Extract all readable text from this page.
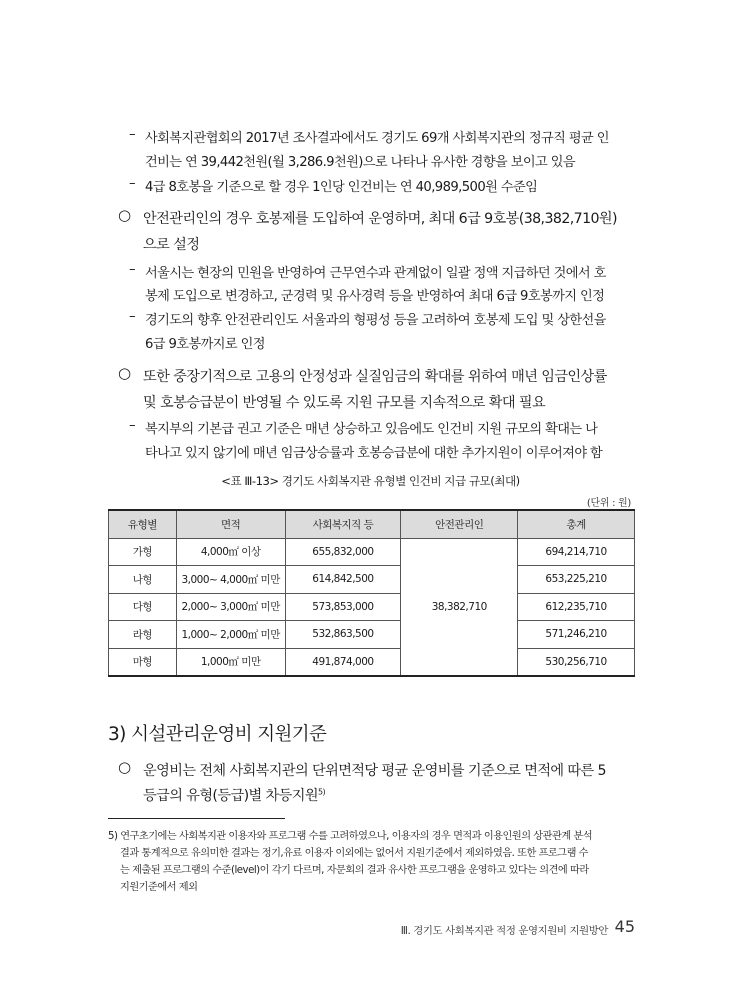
– 사회복지관협회의 2017년 조사결과에서도 경기도 69개 사회복지관의 정규직 평균 인
건비는 연 39,442천원(월 3,286.9천원)으로 나타나 유사한 경향을 보이고 있음
– 4급 8호봉을 기준으로 할 경우 1인당 인건비는 연 40,989,500원 수준임
○ 안전관리인의 경우 호봉제를 도입하여 운영하며, 최대 6급 9호봉(38,382,710원)
으로 설정
– 서울시는 현장의 민원을 반영하여 근무연수과 관계없이 일괄 정액 지급하던 것에서 호
봉제 도입으로 변경하고, 군경력 및 유사경력 등을 반영하여 최대 6급 9호봉까지 인정
– 경기도의 향후 안전관리인도 서울과의 형평성 등을 고려하여 호봉제 도입 및 상한선을
6급 9호봉까지로 인정
○ 또한 중장기적으로 고용의 안정성과 실질임금의 확대를 위하여 매년 임금인상률
및 호봉승급분이 반영될 수 있도록 지원 규모를 지속적으로 확대 필요
– 복지부의 기본급 권고 기준은 매년 상승하고 있음에도 인건비 지원 규모의 확대는 나
타나고 있지 않기에 매년 임금상승률과 호봉승급분에 대한 추가지원이 이루어져야 함
<표 Ⅲ-13> 경기도 사회복지관 유형별 인건비 지급 규모(최대)
(단위 : 원)
유형별	면적	사회복지직 등	안전관리인	총계
가형	4,000㎡ 이상	655,832,000	38,382,710	694,214,710
나형	3,000~ 4,000㎡ 미만	614,842,500		653,225,210
다형	2,000~ 3,000㎡ 미만	573,853,000		612,235,710
라형	1,000~ 2,000㎡ 미만	532,863,500		571,246,210
마형	1,000㎡ 미만	491,874,000		530,256,710
3) 시설관리운영비 지원기준
○ 운영비는 전체 사회복지관의 단위면적당 평균 운영비를 기준으로 면적에 따른 5
등급의 유형(등급)별 차등지원$^{5)}$
5) 연구초기에는 사회복지관 이용자와 프로그램 수를 고려하였으나, 이용자의 경우 면적과 이용인원의 상관관계 분석
결과 통계적으로 유의미한 결과는 정기,유료 이용자 이외에는 없어서 지원기준에서 제외하였음. 또한 프로그램 수
는 제출된 프로그램의 수준(level)이 각기 다르며, 자문회의 결과 유사한 프로그램을 운영하고 있다는 의견에 따라
지원기준에서 제외
Ⅲ. 경기도 사회복지관 적정 운영지원비 지원방안 45
